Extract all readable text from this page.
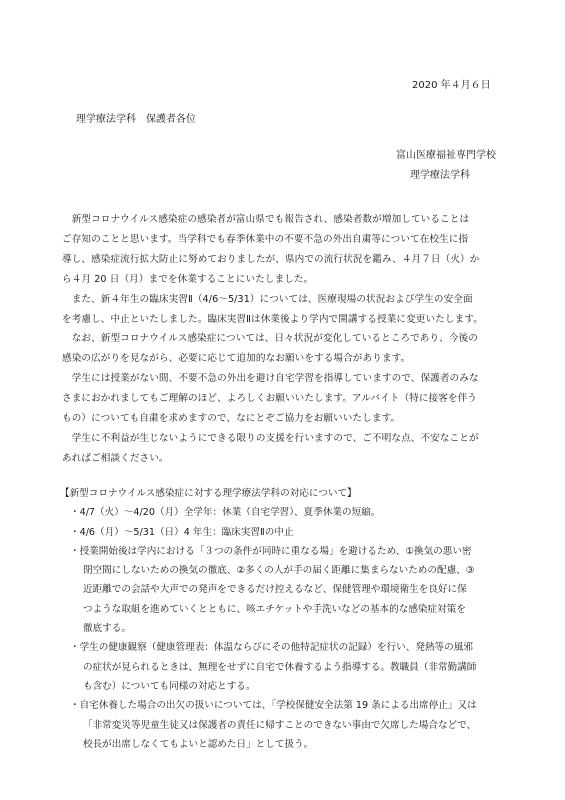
2020 年４月６日
理学療法学科　保護者各位
富山医療福祉専門学校
理学療法学科
　新型コロナウイルス感染症の感染者が富山県でも報告され、感染者数が増加していることは
ご存知のことと思います。当学科でも春季休業中の不要不急の外出自粛等について在校生に指
導し、感染症流行拡大防止に努めておりましたが、県内での流行状況を鑑み、４月７日（火）か
ら４月 20 日（月）までを休業することにいたしました。
　また、新４年生の臨床実習Ⅱ（4/6～5/31）については、医療現場の状況および学生の安全面
を考慮し、中止といたしました。臨床実習Ⅱは休業後より学内で開講する授業に変更いたします。
　なお、新型コロナウイルス感染症については、日々状況が変化しているところであり、今後の
感染の広がりを見ながら、必要に応じて追加的なお願いをする場合があります。
　学生には授業がない間、不要不急の外出を避け自宅学習を指導していますので、保護者のみな
さまにおかれましてもご理解のほど、よろしくお願いいたします。アルバイト（特に接客を伴う
もの）についても自粛を求めますので、なにとぞご協力をお願いいたします。
　学生に不利益が生じないようにできる限りの支援を行いますので、ご不明な点、不安なことが
あればご相談ください。
【新型コロナウイルス感染症に対する理学療法学科の対応について】
・4/7（火）～4/20（月）全学年：休業（自宅学習）、夏季休業の短縮。
・4/6（月）～5/31（日）4 年生：臨床実習Ⅱの中止
・授業開始後は学内における「３つの条件が同時に重なる場」を避けるため、①換気の悪い密
閉空間にしないための換気の徹底、②多くの人が手の届く距離に集まらないための配慮、③
近距離での会話や大声での発声をできるだけ控えるなど、保健管理や環境衛生を良好に保
つような取組を進めていくとともに、咳エチケットや手洗いなどの基本的な感染症対策を
徹底する。
・学生の健康観察（健康管理表：体温ならびにその他特記症状の記録）を行い、発熱等の風邪
の症状が見られるときは、無理をせずに自宅で休養するよう指導する。教職員（非常勤講師
も含む）についても同様の対応とする。
・自宅休養した場合の出欠の扱いについては、「学校保健安全法第 19 条による出席停止」又は
「非常変災等児童生徒又は保護者の責任に帰すことのできない事由で欠席した場合などで、
校長が出席しなくてもよいと認めた日」として扱う。
